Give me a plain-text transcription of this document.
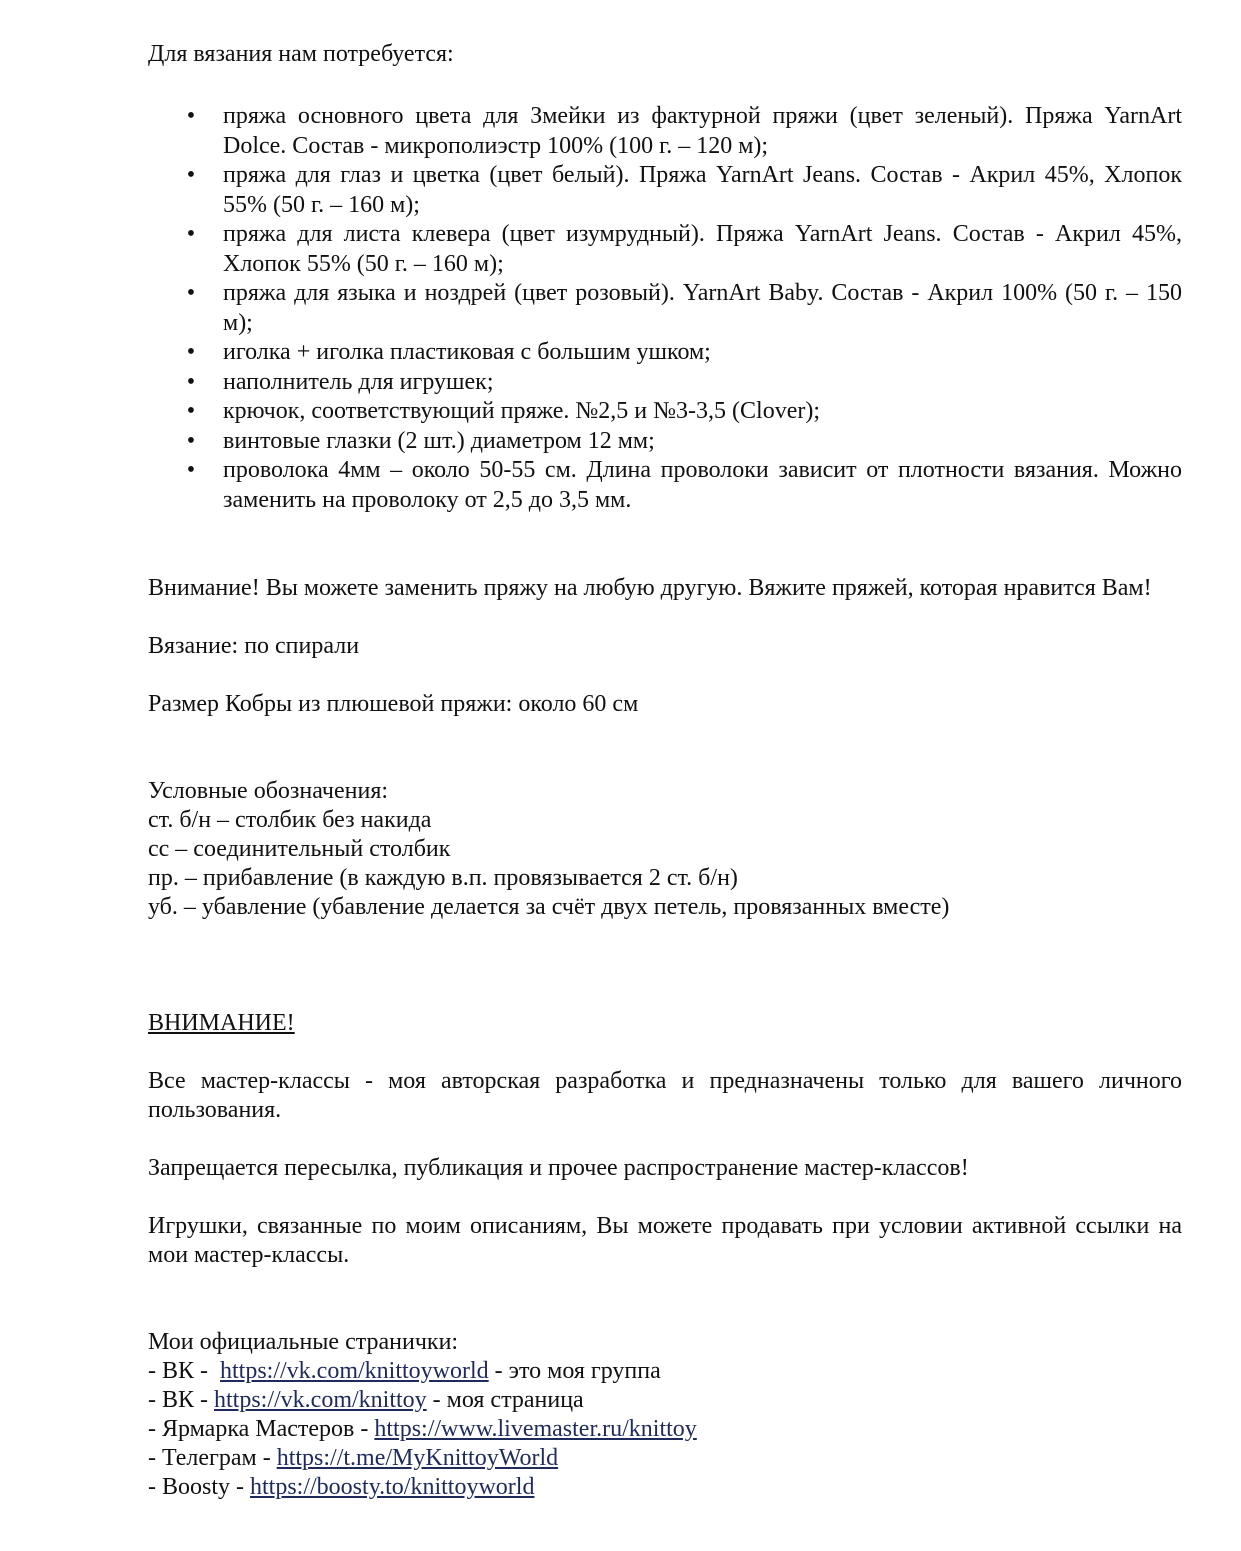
Для вязания нам потребуется:

• пряжа основного цвета для Змейки из фактурной пряжи (цвет зеленый). Пряжа YarnArt Dolce. Состав - микрополиэстр 100% (100 г. – 120 м);
• пряжа для глаз и цветка (цвет белый). Пряжа YarnArt Jeans. Состав - Акрил 45%, Хлопок 55% (50 г. – 160 м);
• пряжа для листа клевера (цвет изумрудный). Пряжа YarnArt Jeans. Состав - Акрил 45%, Хлопок 55% (50 г. – 160 м);
• пряжа для языка и ноздрей (цвет розовый). YarnArt Baby. Состав - Акрил 100% (50 г. – 150 м);
• иголка + иголка пластиковая с большим ушком;
• наполнитель для игрушек;
• крючок, соответствующий пряже. №2,5 и №3-3,5 (Clover);
• винтовые глазки (2 шт.) диаметром 12 мм;
• проволока 4мм – около 50-55 см. Длина проволоки зависит от плотности вязания. Можно заменить на проволоку от 2,5 до 3,5 мм.

Внимание! Вы можете заменить пряжу на любую другую. Вяжите пряжей, которая нравится Вам!

Вязание: по спирали

Размер Кобры из плюшевой пряжи: около 60 см

Условные обозначения:

ст. б/н – столбик без накида

сс – соединительный столбик

пр. – прибавление (в каждую в.п. провязывается 2 ст. б/н)

уб. – убавление (убавление делается за счёт двух петель, провязанных вместе)

ВНИМАНИЕ!

Все мастер-классы - моя авторская разработка и предназначены только для вашего личного пользования.

Запрещается пересылка, публикация и прочее распространение мастер-классов!

Игрушки, связанные по моим описаниям, Вы можете продавать при условии активной ссылки на мои мастер-классы.

Мои официальные странички:

- ВК -  https://vk.com/knittoyworld - это моя группа

- ВК - https://vk.com/knittoy - моя страница

- Ярмарка Мастеров - https://www.livemaster.ru/knittoy

- Телеграм - https://t.me/MyKnittoyWorld

- Boosty - https://boosty.to/knittoyworld
